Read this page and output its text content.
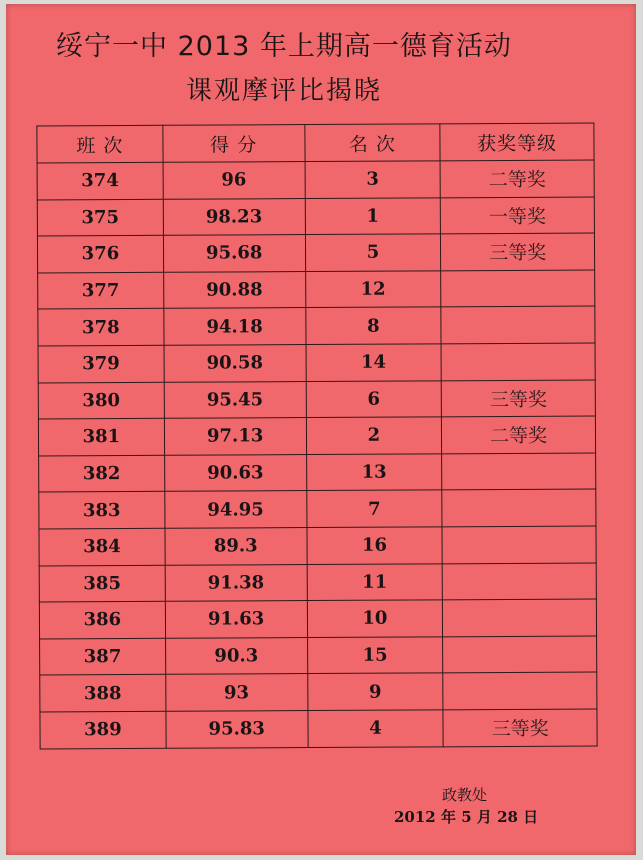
绥宁一中 2013 年上期高一德育活动
课观摩评比揭晓
班 次	得 分	名 次	获奖等级
374	96	3	二等奖
375	98.23	1	一等奖
376	95.68	5	三等奖
377	90.88	12	
378	94.18	8	
379	90.58	14	
380	95.45	6	三等奖
381	97.13	2	二等奖
382	90.63	13	
383	94.95	7	
384	89.3	16	
385	91.38	11	
386	91.63	10	
387	90.3	15	
388	93	9	
389	95.83	4	三等奖
政教处
2012 年 5 月 28 日
